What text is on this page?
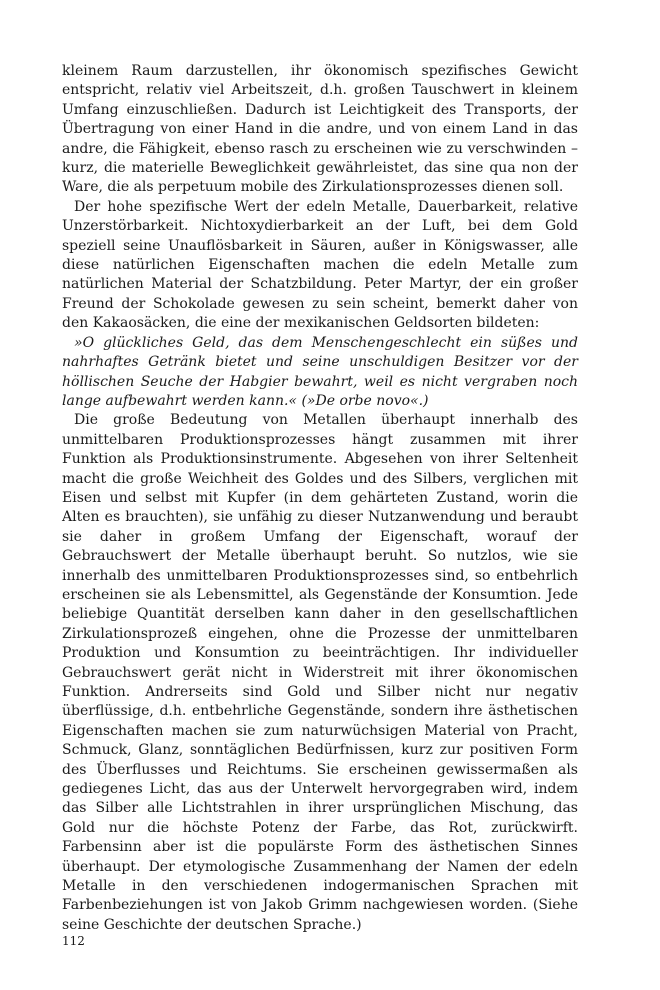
kleinem Raum darzustellen, ihr ökonomisch spezifisches Gewicht entspricht, relativ viel Arbeitszeit, d.h. großen Tauschwert in kleinem Umfang einzuschließen. Dadurch ist Leichtigkeit des Transports, der Übertragung von einer Hand in die andre, und von einem Land in das andre, die Fähigkeit, ebenso rasch zu erscheinen wie zu verschwinden – kurz, die materielle Beweglichkeit gewährleistet, das sine qua non der Ware, die als perpetuum mobile des Zirkulationsprozesses dienen soll.

Der hohe spezifische Wert der edeln Metalle, Dauerbarkeit, relative Unzerstörbarkeit. Nichtoxydierbarkeit an der Luft, bei dem Gold speziell seine Unauflösbarkeit in Säuren, außer in Königswasser, alle diese natürlichen Eigenschaften machen die edeln Metalle zum natürlichen Material der Schatzbildung. Peter Martyr, der ein großer Freund der Schokolade gewesen zu sein scheint, bemerkt daher von den Kakaosäcken, die eine der mexikanischen Geldsorten bildeten:

»O glückliches Geld, das dem Menschengeschlecht ein süßes und nahrhaftes Getränk bietet und seine unschuldigen Besitzer vor der höllischen Seuche der Habgier bewahrt, weil es nicht vergraben noch lange aufbewahrt werden kann.« (»De orbe novo«.)

Die große Bedeutung von Metallen überhaupt innerhalb des unmittelbaren Produktionsprozesses hängt zusammen mit ihrer Funktion als Produktionsinstrumente. Abgesehen von ihrer Seltenheit macht die große Weichheit des Goldes und des Silbers, verglichen mit Eisen und selbst mit Kupfer (in dem gehärteten Zustand, worin die Alten es brauchten), sie unfähig zu dieser Nutzanwendung und beraubt sie daher in großem Umfang der Eigenschaft, worauf der Gebrauchswert der Metalle überhaupt beruht. So nutzlos, wie sie innerhalb des unmittelbaren Produktionsprozesses sind, so entbehrlich erscheinen sie als Lebensmittel, als Gegenstände der Konsumtion. Jede beliebige Quantität derselben kann daher in den gesellschaftlichen Zirkulationsprozeß eingehen, ohne die Prozesse der unmittelbaren Produktion und Konsumtion zu beeinträchtigen. Ihr individueller Gebrauchswert gerät nicht in Widerstreit mit ihrer ökonomischen Funktion. Andrerseits sind Gold und Silber nicht nur negativ überflüssige, d.h. entbehrliche Gegenstände, sondern ihre ästhetischen Eigenschaften machen sie zum naturwüchsigen Material von Pracht, Schmuck, Glanz, sonntäglichen Bedürfnissen, kurz zur positiven Form des Überflusses und Reichtums. Sie erscheinen gewissermaßen als gediegenes Licht, das aus der Unterwelt hervorgegraben wird, indem das Silber alle Lichtstrahlen in ihrer ursprünglichen Mischung, das Gold nur die höchste Potenz der Farbe, das Rot, zurückwirft. Farbensinn aber ist die populärste Form des ästhetischen Sinnes überhaupt. Der etymologische Zusammenhang der Namen der edeln Metalle in den verschiedenen indogermanischen Sprachen mit Farbenbeziehungen ist von Jakob Grimm nachgewiesen worden. (Siehe seine Geschichte der deutschen Sprache.)

112
